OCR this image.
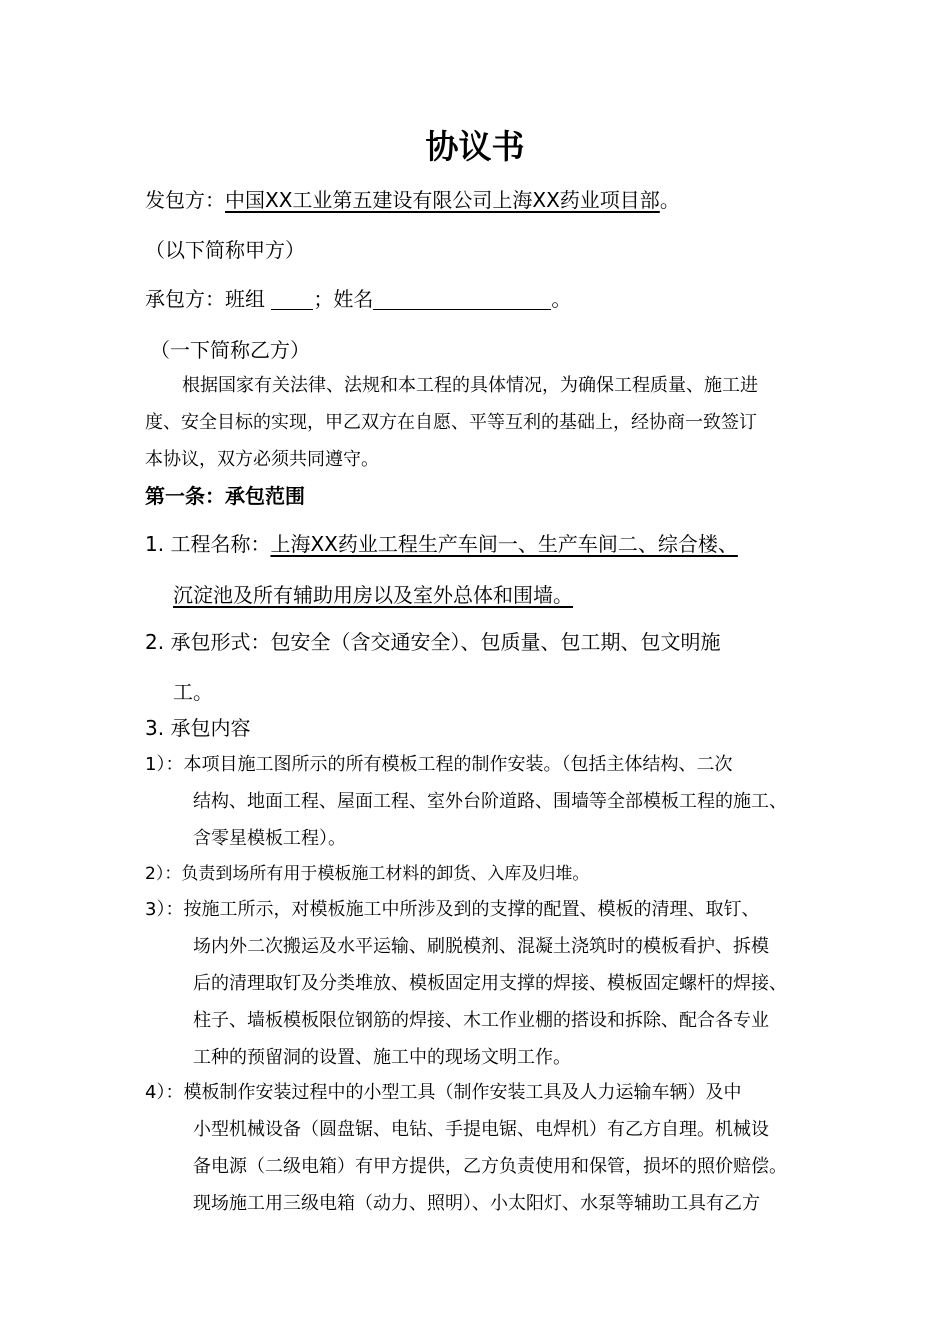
协议书
发包方：中国XX工业第五建设有限公司上海XX药业项目部。
（以下简称甲方）
承包方：班组 ；姓名	。
（一下简称乙方）
根据国家有关法律、法规和本工程的具体情况，为确保工程质量、施工进
度、安全目标的实现，甲乙双方在自愿、平等互利的基础上，经协商一致签订
本协议，双方必须共同遵守。
第一条：承包范围
1. 工程名称：上海XX药业工程生产车间一、生产车间二、综合楼、
沉淀池及所有辅助用房以及室外总体和围墙。
2. 承包形式：包安全（含交通安全）、包质量、包工期、包文明施
工。
3. 承包内容
1）：本项目施工图所示的所有模板工程的制作安装。（包括主体结构、二次
结构、地面工程、屋面工程、室外台阶道路、围墙等全部模板工程的施工、
含零星模板工程）。
2）：负责到场所有用于模板施工材料的卸货、入库及归堆。
3）：按施工所示，对模板施工中所涉及到的支撑的配置、模板的清理、取钉、
场内外二次搬运及水平运输、刷脱模剂、混凝土浇筑时的模板看护、拆模
后的清理取钉及分类堆放、模板固定用支撑的焊接、模板固定螺杆的焊接、
柱子、墙板模板限位钢筋的焊接、木工作业棚的搭设和拆除、配合各专业
工种的预留洞的设置、施工中的现场文明工作。
4）：模板制作安装过程中的小型工具（制作安装工具及人力运输车辆）及中
小型机械设备（圆盘锯、电钻、手提电锯、电焊机）有乙方自理。机械设
备电源（二级电箱）有甲方提供，乙方负责使用和保管，损坏的照价赔偿。
现场施工用三级电箱（动力、照明）、小太阳灯、水泵等辅助工具有乙方
